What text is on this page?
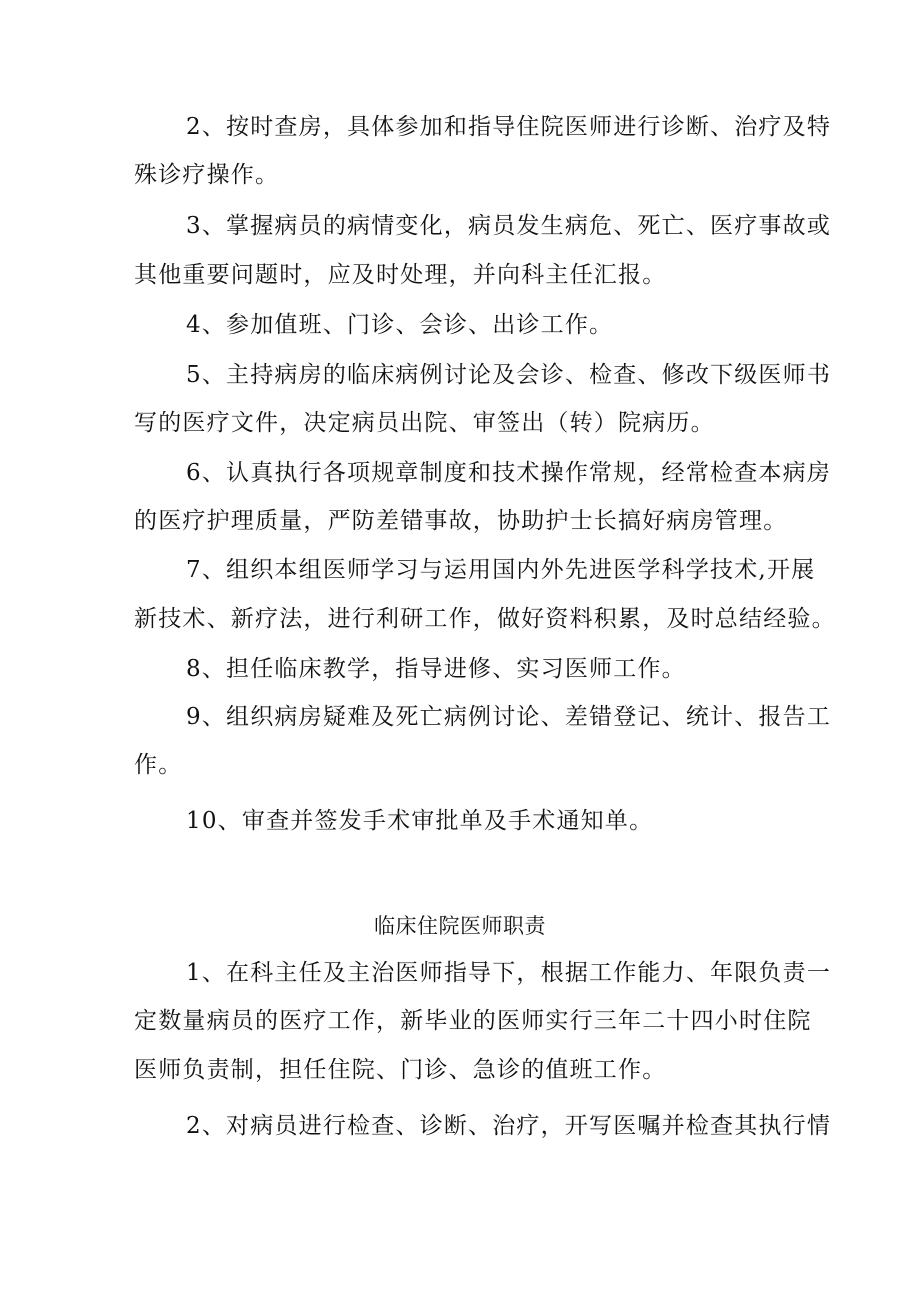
2、按时查房，具体参加和指导住院医师进行诊断、治疗及特
殊诊疗操作。
3、掌握病员的病情变化，病员发生病危、死亡、医疗事故或
其他重要问题时，应及时处理，并向科主任汇报。
4、参加值班、门诊、会诊、出诊工作。
5、主持病房的临床病例讨论及会诊、检查、修改下级医师书
写的医疗文件，决定病员出院、审签出（转）院病历。
6、认真执行各项规章制度和技术操作常规，经常检查本病房
的医疗护理质量，严防差错事故，协助护士长搞好病房管理。
7、组织本组医师学习与运用国内外先进医学科学技术,开展
新技术、新疗法，进行利研工作，做好资料积累，及时总结经验。
8、担任临床教学，指导进修、实习医师工作。
9、组织病房疑难及死亡病例讨论、差错登记、统计、报告工
作。
10、审查并签发手术审批单及手术通知单。
临床住院医师职责
1、在科主任及主治医师指导下，根据工作能力、年限负责一
定数量病员的医疗工作，新毕业的医师实行三年二十四小时住院
医师负责制，担任住院、门诊、急诊的值班工作。
2、对病员进行检查、诊断、治疗，开写医嘱并检查其执行情
